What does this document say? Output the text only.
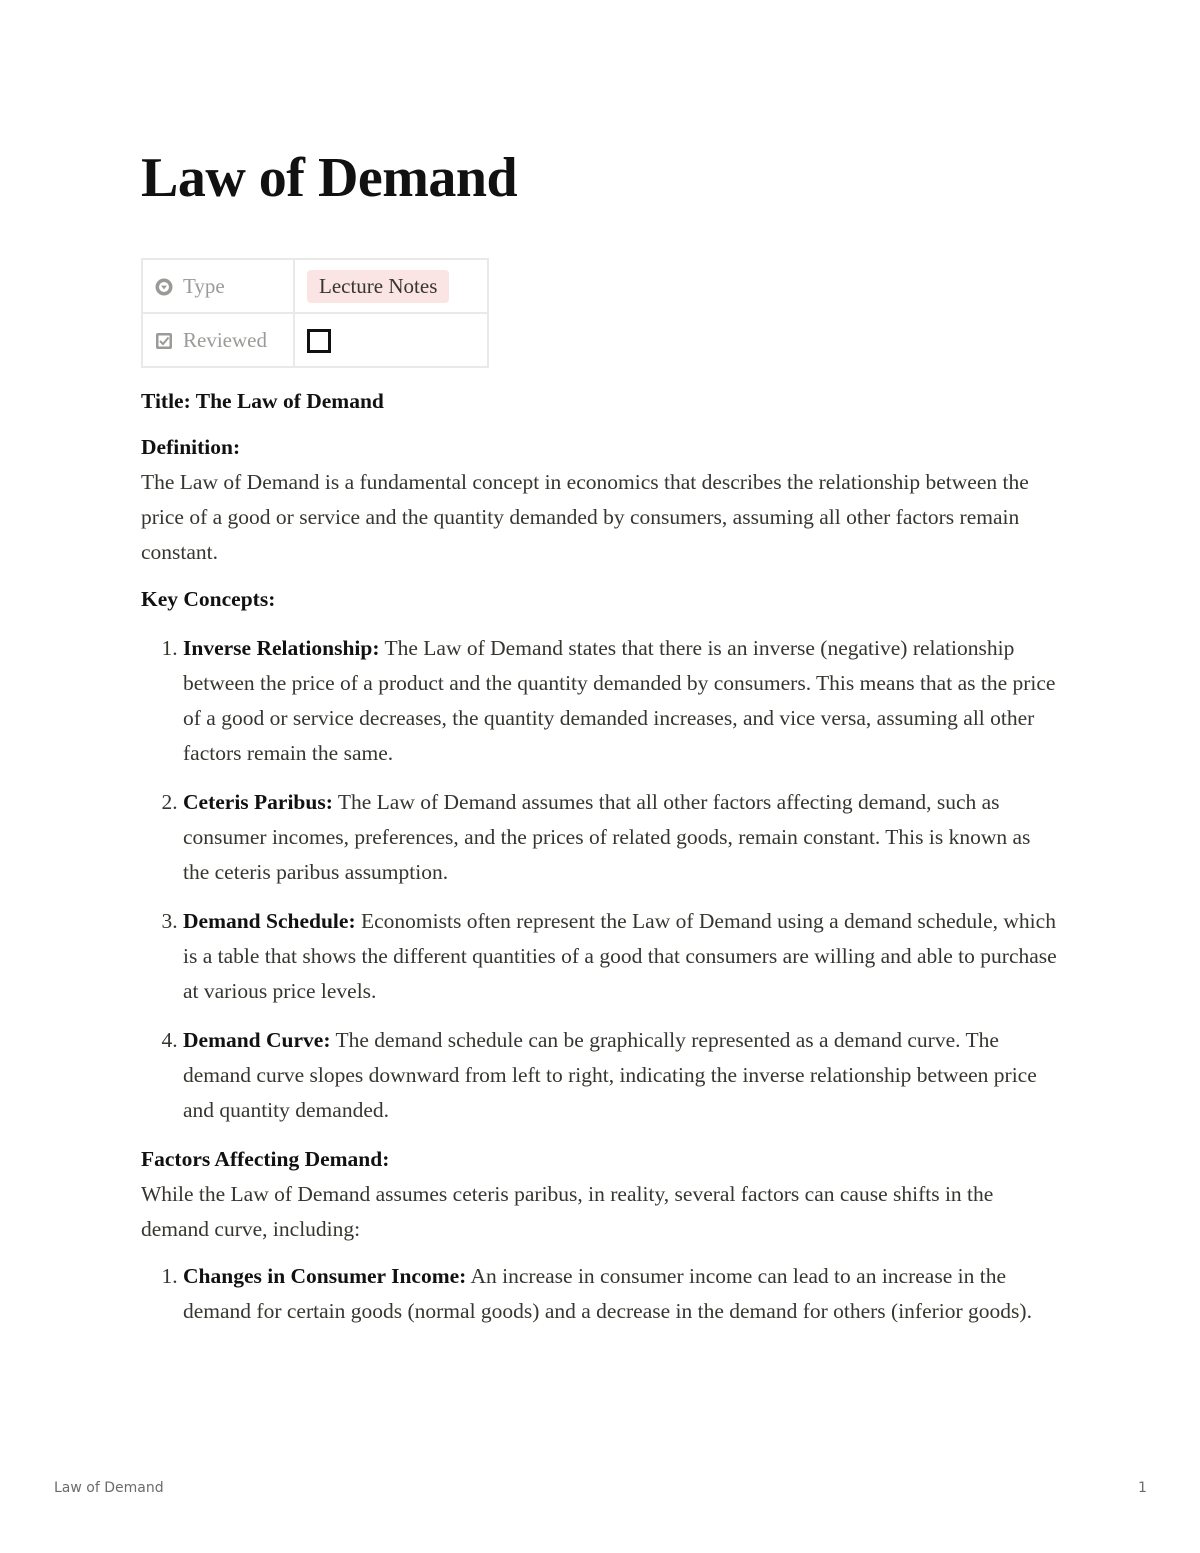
Law of Demand
Type	Lecture Notes
Reviewed	

Title: The Law of Demand

Definition:

The Law of Demand is a fundamental concept in economics that describes the relationship between the price of a good or service and the quantity demanded by consumers, assuming all other factors remain constant.

Key Concepts:

1. Inverse Relationship: The Law of Demand states that there is an inverse (negative) relationship between the price of a product and the quantity demanded by consumers. This means that as the price of a good or service decreases, the quantity demanded increases, and vice versa, assuming all other factors remain the same.
2. Ceteris Paribus: The Law of Demand assumes that all other factors affecting demand, such as consumer incomes, preferences, and the prices of related goods, remain constant. This is known as the ceteris paribus assumption.
3. Demand Schedule: Economists often represent the Law of Demand using a demand schedule, which is a table that shows the different quantities of a good that consumers are willing and able to purchase at various price levels.
4. Demand Curve: The demand schedule can be graphically represented as a demand curve. The demand curve slopes downward from left to right, indicating the inverse relationship between price and quantity demanded.

Factors Affecting Demand:

While the Law of Demand assumes ceteris paribus, in reality, several factors can cause shifts in the demand curve, including:

1. Changes in Consumer Income: An increase in consumer income can lead to an increase in the demand for certain goods (normal goods) and a decrease in the demand for others (inferior goods).
Law of Demand	1
